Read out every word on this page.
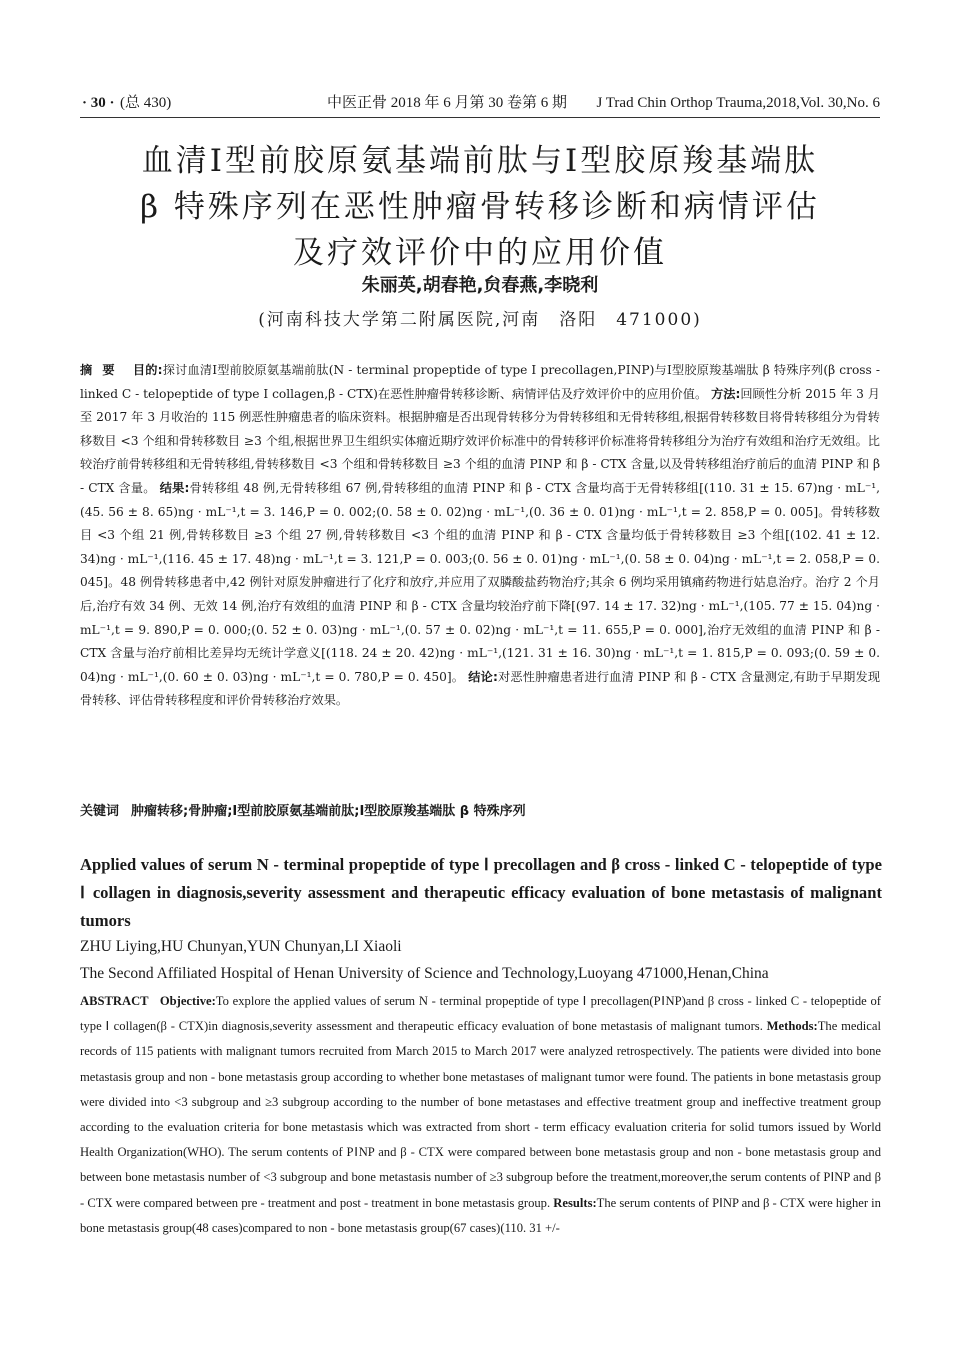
· 30 · (总 430)	中医正骨 2018 年 6 月第 30 卷第 6 期 J Trad Chin Orthop Trauma,2018,Vol. 30,No. 6
血清Ⅰ型前胶原氨基端前肽与Ⅰ型胶原羧基端肽
β 特殊序列在恶性肿瘤骨转移诊断和病情评估
及疗效评价中的应用价值
朱丽英,胡春艳,贠春燕,李晓利
(河南科技大学第二附属医院,河南　洛阳　471000)
摘要 目的:探讨血清Ⅰ型前胶原氨基端前肽(N - terminal propeptide of type Ⅰ precollagen,PⅠNP)与Ⅰ型胶原羧基端肽 β 特殊序列(β cross - linked C - telopeptide of type Ⅰ collagen,β - CTX)在恶性肿瘤骨转移诊断、病情评估及疗效评价中的应用价值。 方法:回顾性分析 2015 年 3 月至 2017 年 3 月收治的 115 例恶性肿瘤患者的临床资料。根据肿瘤是否出现骨转移分为骨转移组和无骨转移组,根据骨转移数目将骨转移组分为骨转移数目 <3 个组和骨转移数目 ≥3 个组,根据世界卫生组织实体瘤近期疗效评价标准中的骨转移评价标准将骨转移组分为治疗有效组和治疗无效组。比较治疗前骨转移组和无骨转移组,骨转移数目 <3 个组和骨转移数目 ≥3 个组的血清 PⅠNP 和 β - CTX 含量,以及骨转移组治疗前后的血清 PⅠNP 和 β - CTX 含量。 结果:骨转移组 48 例,无骨转移组 67 例,骨转移组的血清 PⅠNP 和 β - CTX 含量均高于无骨转移组[(110. 31 ± 15. 67)ng · mL⁻¹,(45. 56 ± 8. 65)ng · mL⁻¹,t = 3. 146,P = 0. 002;(0. 58 ± 0. 02)ng · mL⁻¹,(0. 36 ± 0. 01)ng · mL⁻¹,t = 2. 858,P = 0. 005]。骨转移数目 <3 个组 21 例,骨转移数目 ≥3 个组 27 例,骨转移数目 <3 个组的血清 PⅠNP 和 β - CTX 含量均低于骨转移数目 ≥3 个组[(102. 41 ± 12. 34)ng · mL⁻¹,(116. 45 ± 17. 48)ng · mL⁻¹,t = 3. 121,P = 0. 003;(0. 56 ± 0. 01)ng · mL⁻¹,(0. 58 ± 0. 04)ng · mL⁻¹,t = 2. 058,P = 0. 045]。48 例骨转移患者中,42 例针对原发肿瘤进行了化疗和放疗,并应用了双膦酸盐药物治疗;其余 6 例均采用镇痛药物进行姑息治疗。治疗 2 个月后,治疗有效 34 例、无效 14 例,治疗有效组的血清 PⅠNP 和 β - CTX 含量均较治疗前下降[(97. 14 ± 17. 32)ng · mL⁻¹,(105. 77 ± 15. 04)ng · mL⁻¹,t = 9. 890,P = 0. 000;(0. 52 ± 0. 03)ng · mL⁻¹,(0. 57 ± 0. 02)ng · mL⁻¹,t = 11. 655,P = 0. 000],治疗无效组的血清 PⅠNP 和 β - CTX 含量与治疗前相比差异均无统计学意义[(118. 24 ± 20. 42)ng · mL⁻¹,(121. 31 ± 16. 30)ng · mL⁻¹,t = 1. 815,P = 0. 093;(0. 59 ± 0. 04)ng · mL⁻¹,(0. 60 ± 0. 03)ng · mL⁻¹,t = 0. 780,P = 0. 450]。 结论:对恶性肿瘤患者进行血清 PⅠNP 和 β - CTX 含量测定,有助于早期发现骨转移、评估骨转移程度和评价骨转移治疗效果。
关键词 肿瘤转移;骨肿瘤;Ⅰ型前胶原氨基端前肽;Ⅰ型胶原羧基端肽 β 特殊序列
Applied values of serum N - terminal propeptide of type Ⅰ precollagen and β cross - linked C - telopeptide of type Ⅰ collagen in diagnosis,severity assessment and therapeutic efficacy evaluation of bone metastasis of malignant tumors
ZHU Liying,HU Chunyan,YUN Chunyan,LI Xiaoli
The Second Affiliated Hospital of Henan University of Science and Technology,Luoyang 471000,Henan,China
ABSTRACT Objective:To explore the applied values of serum N - terminal propeptide of type Ⅰ precollagen(PⅠNP)and β cross - linked C - telopeptide of type Ⅰ collagen(β - CTX)in diagnosis,severity assessment and therapeutic efficacy evaluation of bone metastasis of malignant tumors. Methods:The medical records of 115 patients with malignant tumors recruited from March 2015 to March 2017 were analyzed retrospectively. The patients were divided into bone metastasis group and non - bone metastasis group according to whether bone metastases of malignant tumor were found. The patients in bone metastasis group were divided into <3 subgroup and ≥3 subgroup according to the number of bone metastases and effective treatment group and ineffective treatment group according to the evaluation criteria for bone metastasis which was extracted from short - term efficacy evaluation criteria for solid tumors issued by World Health Organization(WHO). The serum contents of PⅠNP and β - CTX were compared between bone metastasis group and non - bone metastasis group and between bone metastasis number of <3 subgroup and bone metastasis number of ≥3 subgroup before the treatment,moreover,the serum contents of PⅠNP and β - CTX were compared between pre - treatment and post - treatment in bone metastasis group. Results:The serum contents of PⅠNP and β - CTX were higher in bone metastasis group(48 cases)compared to non - bone metastasis group(67 cases)(110. 31 +/-
